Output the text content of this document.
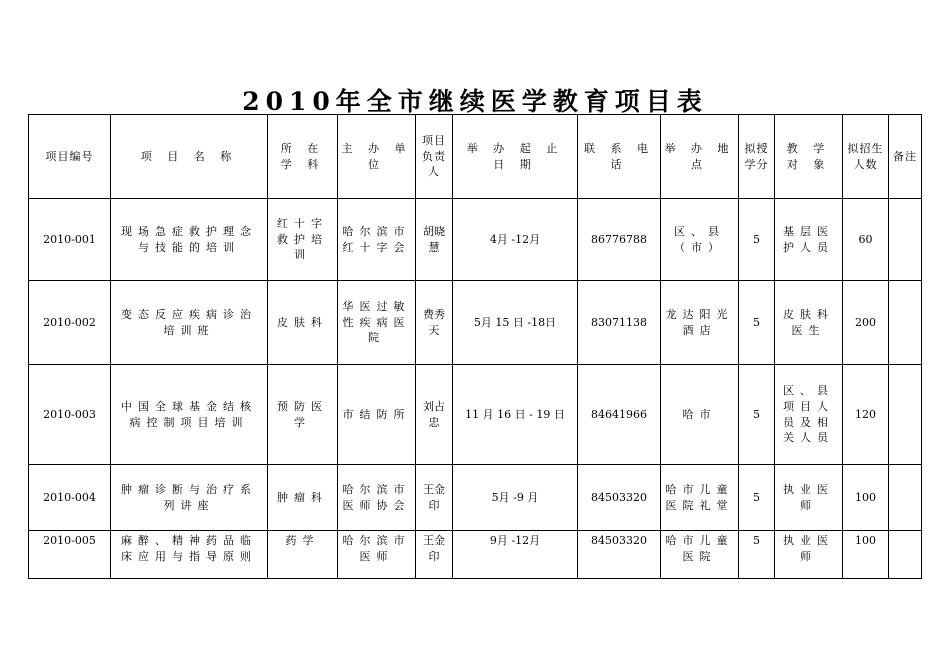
2010年全市继续医学教育项目表
项目编号	项 目 名 称	所 在 学 科	主 办 单 位	项目负责人	举 办 起 止 日 期	联 系 电 话	举 办 地 点	拟授学分	教 学 对 象	拟招生人数	备注
2010-001	现场急症救护理念与技能的培训	红十字救护培训	哈尔滨市红十字会	胡晓慧	4月 -12月	86776788	区、县（市）	5	基层医护人员	60	
2010-002	变态反应疾病诊治培训班	皮肤科	华医过敏性疾病医院	费秀天	5月 15 日 -18日	83071138	龙达阳光酒店	5	皮肤科医生	200	
2010-003	中国全球基金结核病控制项目培训	预防医学	市结防所	刘占忠	11 月 16 日 - 19 日	84641966	哈市	5	区、县项目人员及相关人员	120	
2010-004	肿瘤诊断与治疗系列讲座	肿瘤科	哈尔滨市医师协会	王金印	5月 -9 月	84503320	哈市儿童医院礼堂	5	执业医师	100	
2010-005	麻醉、精神药品临床应用与指导原则	药学	哈尔滨市医师	王金印	9月 -12月	84503320	哈市儿童医院	5	执业医师	100	
